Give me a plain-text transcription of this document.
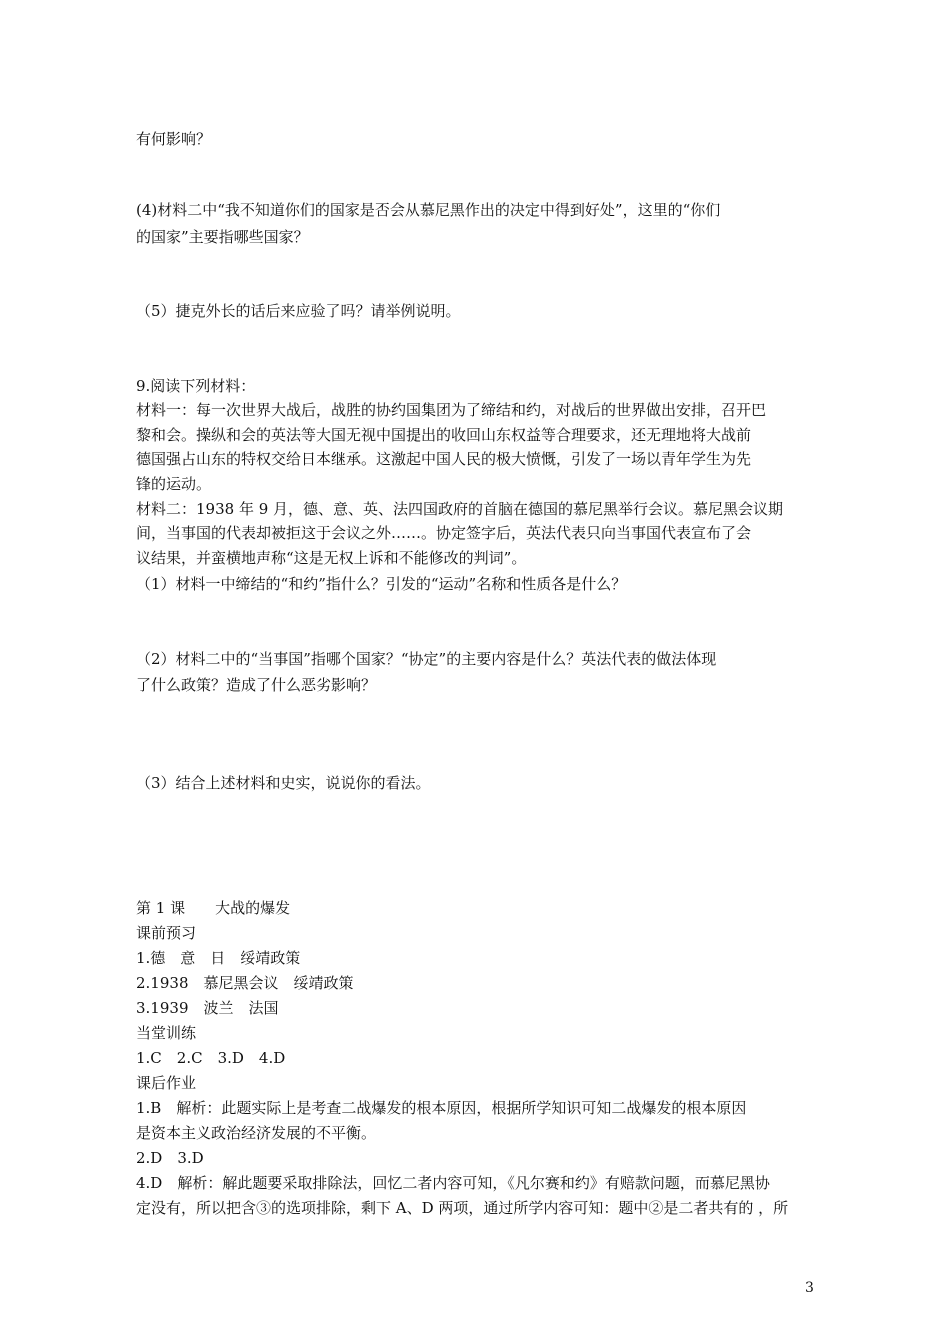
有何影响？
(4)材料二中“我不知道你们的国家是否会从慕尼黑作出的决定中得到好处”，这里的“你们
的国家”主要指哪些国家？
（5）捷克外长的话后来应验了吗？请举例说明。
9.阅读下列材料：
材料一：每一次世界大战后，战胜的协约国集团为了缔结和约，对战后的世界做出安排，召开巴
黎和会。操纵和会的英法等大国无视中国提出的收回山东权益等合理要求，还无理地将大战前
德国强占山东的特权交给日本继承。这激起中国人民的极大愤慨，引发了一场以青年学生为先
锋的运动。
材料二：1938 年 9 月，德、意、英、法四国政府的首脑在德国的慕尼黑举行会议。慕尼黑会议期
间，当事国的代表却被拒这于会议之外……。协定签字后，英法代表只向当事国代表宣布了会
议结果，并蛮横地声称“这是无权上诉和不能修改的判词”。
（1）材料一中缔结的“和约”指什么？引发的“运动”名称和性质各是什么？
（2）材料二中的“当事国”指哪个国家？“协定”的主要内容是什么？英法代表的做法体现
了什么政策？造成了什么恶劣影响？
（3）结合上述材料和史实，说说你的看法。
第 1 课　　大战的爆发
课前预习
1.德　意　日　绥靖政策
2.1938　慕尼黑会议　绥靖政策
3.1939　波兰　法国
当堂训练
1.C　2.C　3.D　4.D
课后作业
1.B　解析：此题实际上是考查二战爆发的根本原因，根据所学知识可知二战爆发的根本原因
是资本主义政治经济发展的不平衡。
2.D　3.D
4.D　解析：解此题要采取排除法，回忆二者内容可知，《凡尔赛和约》有赔款问题，而慕尼黑协
定没有，所以把含③的选项排除，剩下 A、D 两项，通过所学内容可知：题中②是二者共有的 ，所
3
